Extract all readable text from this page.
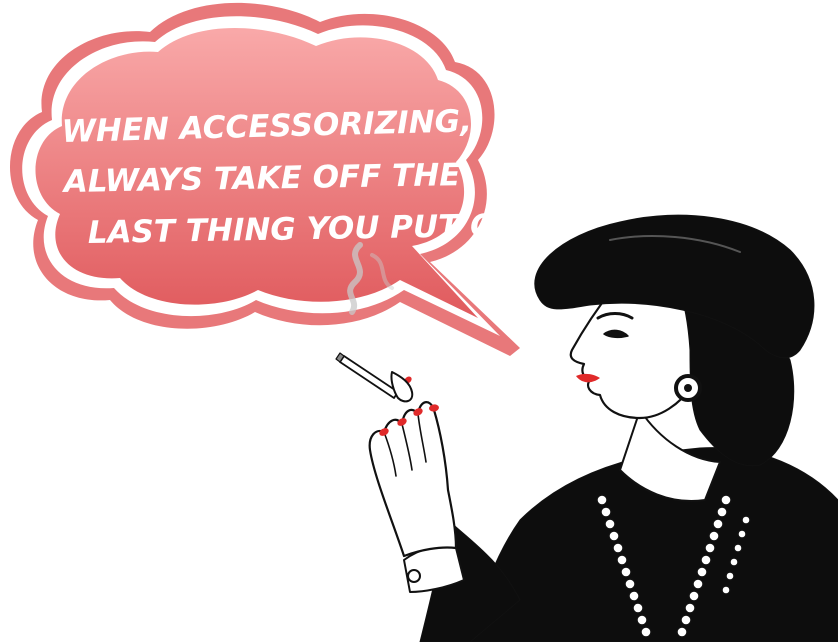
WHEN ACCESSORIZING,
ALWAYS TAKE OFF THE
LAST THING YOU PUT ON
